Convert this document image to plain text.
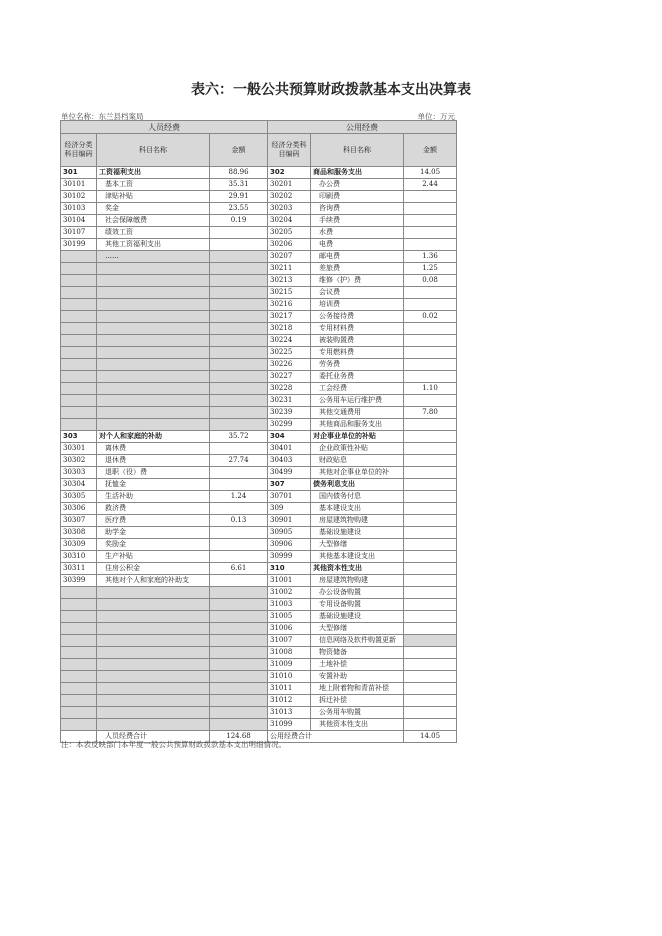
表六：一般公共预算财政拨款基本支出决算表
单位名称：东兰县档案局	单位：万元
人员经费			公用经费		
经济分类科目编码	科目名称	金额	经济分类科目编码	科目名称	金额
301	工资福利支出	88.96	302	商品和服务支出	14.05
30101	基本工资	35.31	30201	办公费	2.44
30102	津贴补贴	29.91	30202	印刷费	
30103	奖金	23.55	30203	咨询费	
30104	社会保障缴费	0.19	30204	手续费	
30107	绩效工资		30205	水费	
30199	其他工资福利支出		30206	电费	
	……		30207	邮电费	1.36
			30211	差旅费	1.25
			30213	维修（护）费	0.08
			30215	会议费	
			30216	培训费	
			30217	公务接待费	0.02
			30218	专用材料费	
			30224	被装购置费	
			30225	专用燃料费	
			30226	劳务费	
			30227	委托业务费	
			30228	工会经费	1.10
			30231	公务用车运行维护费	
			30239	其他交通费用	7.80
			30299	其他商品和服务支出	
303	对个人和家庭的补助	35.72	304	对企事业单位的补贴	
30301	离休费		30401	企业政策性补贴	
30302	退休费	27.74	30403	财政贴息	
30303	退职（役）费		30499	其他对企事业单位的补	
30304	抚恤金		307	债务利息支出	
30305	生活补助	1.24	30701	国内债务付息	
30306	救济费		309	基本建设支出	
30307	医疗费	0.13	30901	房屋建筑物购建	
30308	助学金		30905	基础设施建设	
30309	奖励金		30906	大型修缮	
30310	生产补贴		30999	其他基本建设支出	
30311	住房公积金	6.61	310	其他资本性支出	
30399	其他对个人和家庭的补助支		31001	房屋建筑物购建	
			31002	办公设备购置	
			31003	专用设备购置	
			31005	基础设施建设	
			31006	大型修缮	
			31007	信息网络及软件购置更新	
			31008	物资储备	
			31009	土地补偿	
			31010	安置补助	
			31011	地上附着物和青苗补偿	
			31012	拆迁补偿	
			31013	公务用车购置	
			31099	其他资本性支出	
	人员经费合计	124.68	公用经费合计		14.05
注：本表反映部门本年度一般公共预算财政拨款基本支出明细情况。
